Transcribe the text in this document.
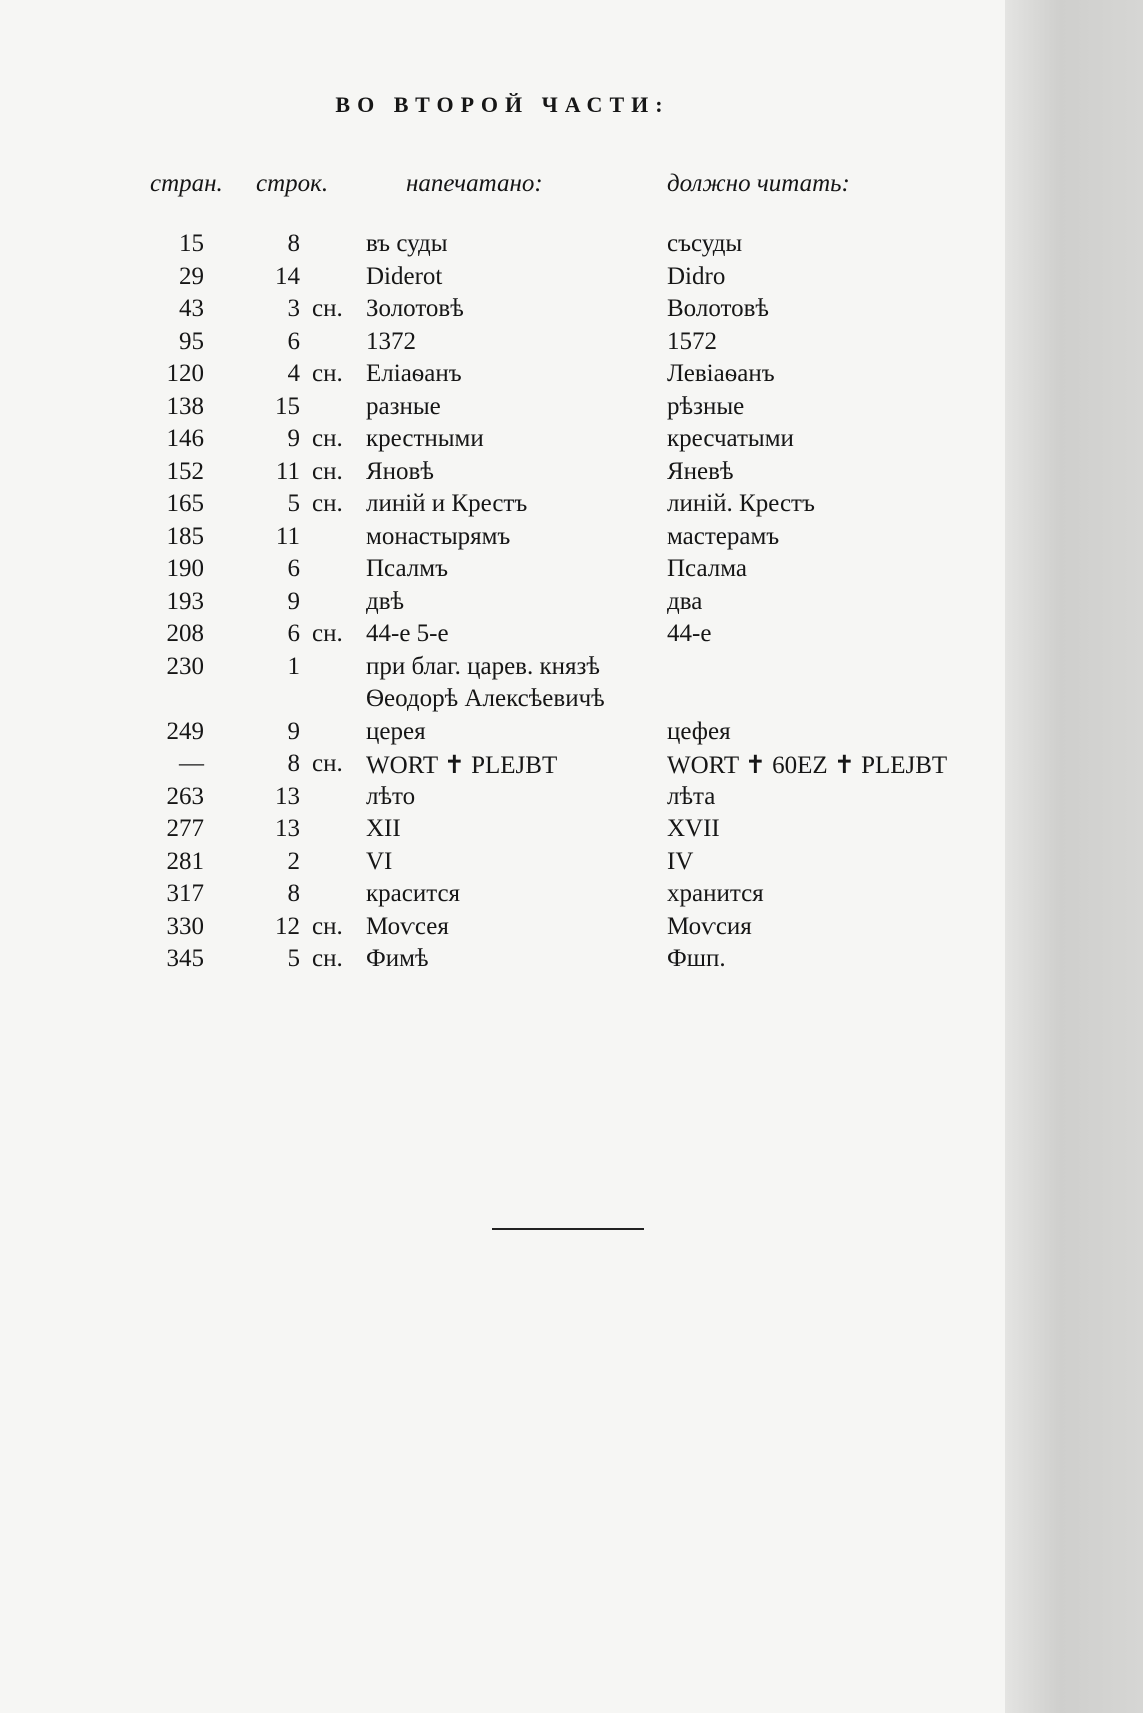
ВО ВТОРОЙ ЧАСТИ:
стран. строк.	напечатано:	должно читать:
15	8	въ суды	съсуды
29	14	Diderot	Didro
43	3 сн. Золотовѣ	Волотовѣ
95	6	1372	1572
120	4 сн. Еліаѳанъ	Левіаѳанъ
138	15	разные	рѣзные
146	9 сн. крестными	кресчатыми
152	11 сн. Яновѣ	Яневѣ
165	5 сн. линій и Крестъ	линій. Крестъ
185	11	монастырямъ	мастерамъ
190	6	Псалмъ	Псалма
193	9	двѣ	два
208	6 сн. 44-е 5-е	44-е
230	1	при благ. царев. князѣ
Ѳеодорѣ Алексѣевичѣ
249	9	церея	цефея
—	8 сн. WORT ✝ PLEJBT	WORT ✝ 60EZ ✝ PLEJBT
263	13	лѣто	лѣта
277	13	XII	XVII
281	2	VI	IV
317	8	красится	хранится
330	12 сн. Моѵсея	Моѵсия
345	5 сн. Фимѣ	Фшп.
